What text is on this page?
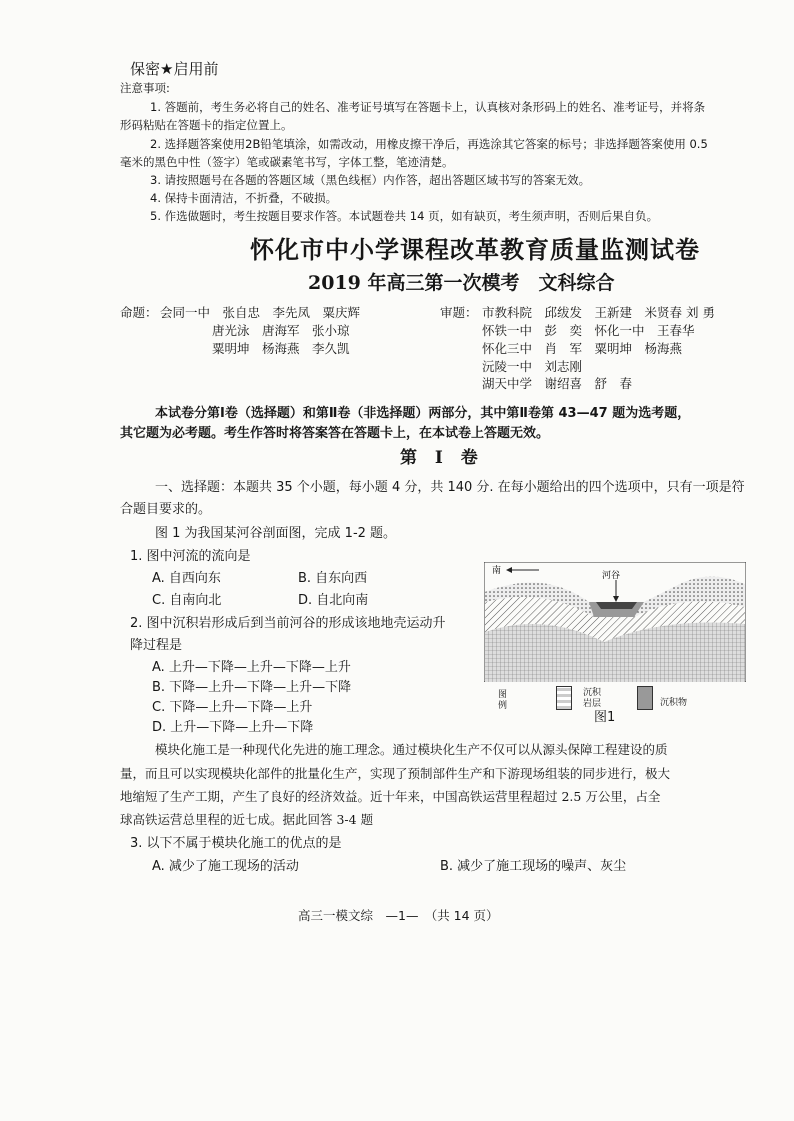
保密★启用前
注意事项:
1. 答题前，考生务必将自己的姓名、准考证号填写在答题卡上，认真核对条形码上的姓名、准考证号，并将条
形码粘贴在答题卡的指定位置上。
2. 选择题答案使用2B铅笔填涂，如需改动，用橡皮擦干净后，再选涂其它答案的标号；非选择题答案使用 0.5
毫米的黑色中性（签字）笔或碳素笔书写，字体工整，笔迹清楚。
3. 请按照题号在各题的答题区域（黑色线框）内作答，超出答题区域书写的答案无效。
4. 保持卡面清洁，不折叠，不破损。
5. 作选做题时，考生按题目要求作答。本试题卷共 14 页，如有缺页，考生须声明，否则后果自负。
怀化市中小学课程改革教育质量监测试卷
2019 年高三第一次模考　文科综合
命题： 会同一中　张自忠　李先凤　粟庆辉
唐光泳　唐海军　张小琼
粟明坤　杨海燕　李久凯
审题： 市教科院　邱绂发　王新建　米贤春 刘 勇
怀铁一中　彭　奕　怀化一中　王春华
怀化三中　肖　军　粟明坤　杨海燕
沅陵一中　刘志刚
湖天中学　谢绍喜　舒　春
本试卷分第Ⅰ卷（选择题）和第Ⅱ卷（非选择题）两部分，其中第Ⅱ卷第 43—47 题为选考题，
其它题为必考题。考生作答时将答案答在答题卡上，在本试卷上答题无效。
第 Ⅰ 卷
一、选择题：本题共 35 个小题，每小题 4 分，共 140 分. 在每小题给出的四个选项中，只有一项是符
合题目要求的。
图 1 为我国某河谷剖面图，完成 1-2 题。
1. 图中河流的流向是
A. 自西向东	B. 自东向西
C. 自南向北	D. 自北向南
2. 图中沉积岩形成后到当前河谷的形成该地地壳运动升
降过程是
A. 上升—下降—上升—下降—上升
B. 下降—上升—下降—上升—下降
C. 下降—上升—下降—上升
D. 上升—下降—上升—下降
南	河谷
图例
沉积岩层	沉积物
图1
模块化施工是一种现代化先进的施工理念。通过模块化生产不仅可以从源头保障工程建设的质
量，而且可以实现模块化部件的批量化生产，实现了预制部件生产和下游现场组装的同步进行，极大
地缩短了生产工期，产生了良好的经济效益。近十年来，中国高铁运营里程超过 2.5 万公里，占全
球高铁运营总里程的近七成。据此回答 3-4 题
3. 以下不属于模块化施工的优点的是
A. 减少了施工现场的活动	B. 减少了施工现场的噪声、灰尘
高三一模文综　—1—　（共 14 页）
